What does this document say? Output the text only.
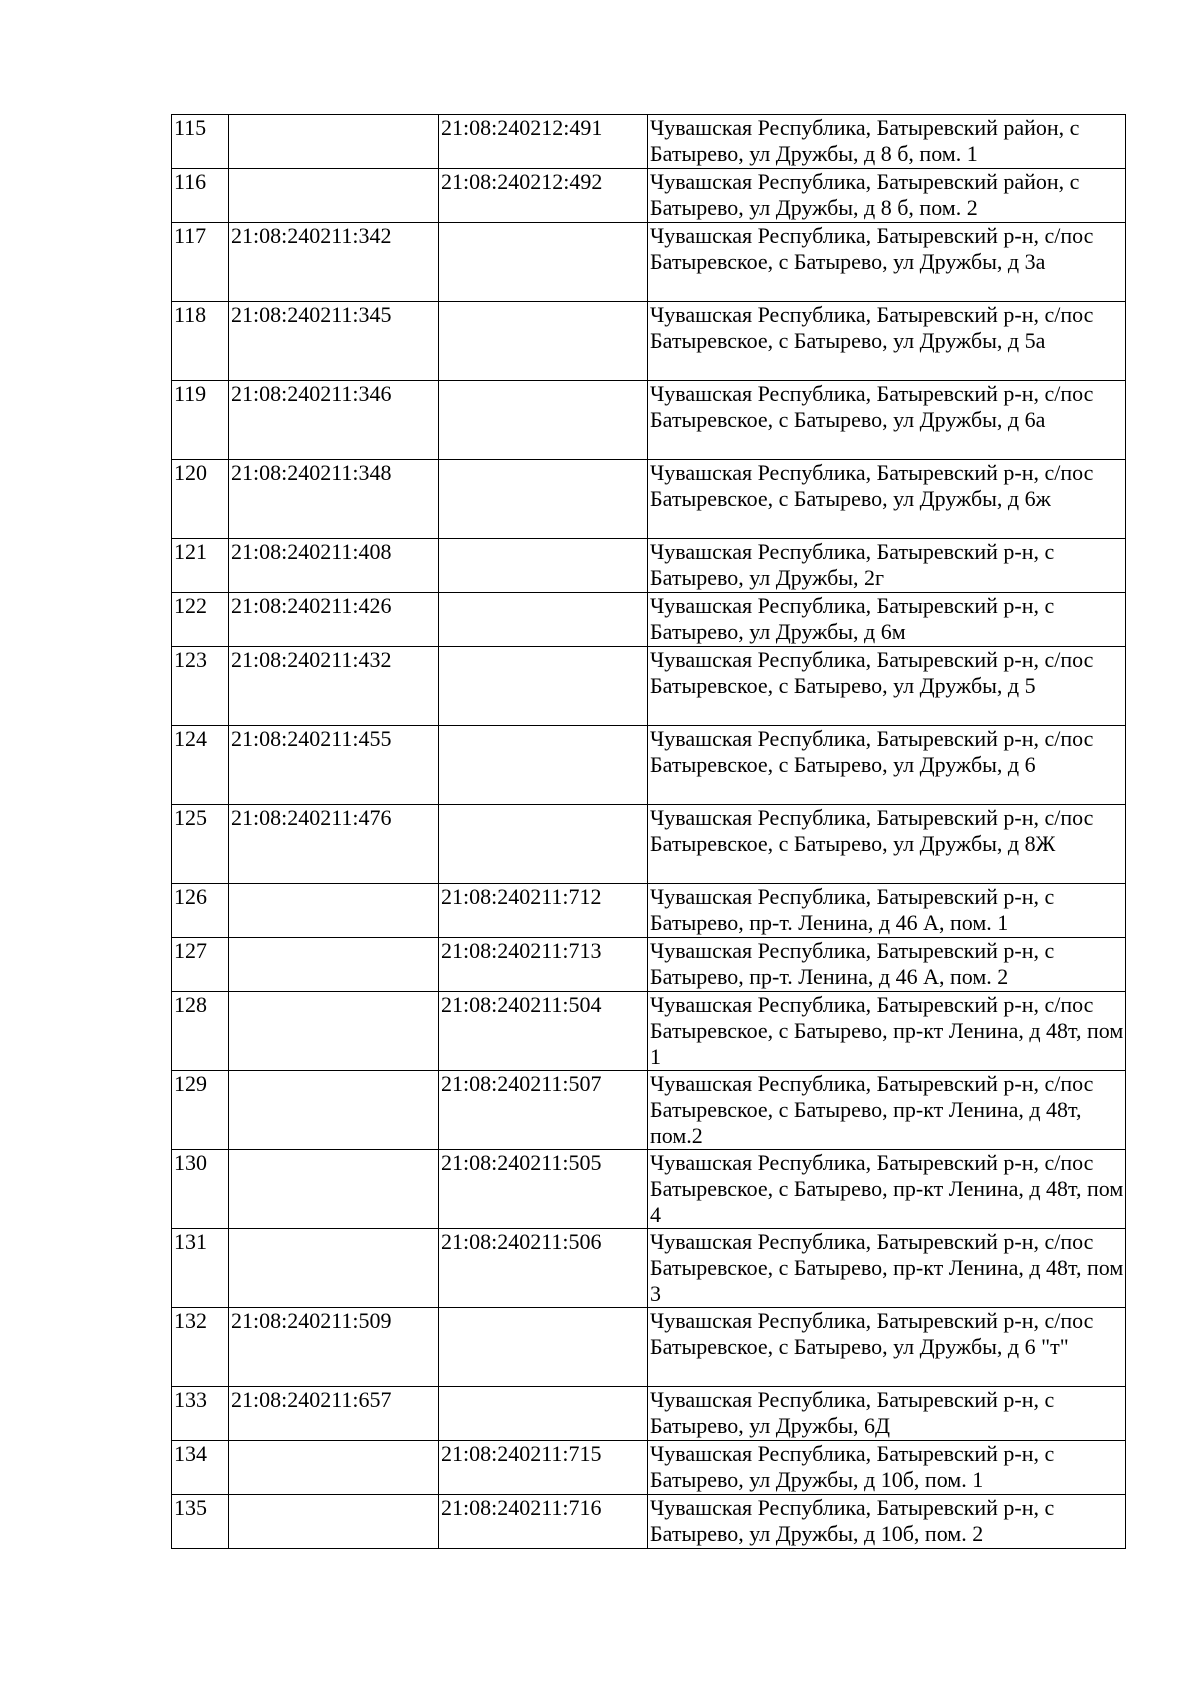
115		21:08:240212:491	Чувашская Республика, Батыревский район, с Батырево, ул Дружбы, д 8 б, пом. 1
116		21:08:240212:492	Чувашская Республика, Батыревский район, с Батырево, ул Дружбы, д 8 б, пом. 2
117	21:08:240211:342		Чувашская Республика, Батыревский р-н, с/пос Батыревское, с Батырево, ул Дружбы, д 3а
118	21:08:240211:345		Чувашская Республика, Батыревский р-н, с/пос Батыревское, с Батырево, ул Дружбы, д 5а
119	21:08:240211:346		Чувашская Республика, Батыревский р-н, с/пос Батыревское, с Батырево, ул Дружбы, д 6а
120	21:08:240211:348		Чувашская Республика, Батыревский р-н, с/пос Батыревское, с Батырево, ул Дружбы, д 6ж
121	21:08:240211:408		Чувашская Республика, Батыревский р-н, с Батырево, ул Дружбы, 2г
122	21:08:240211:426		Чувашская Республика, Батыревский р-н, с Батырево, ул Дружбы, д 6м
123	21:08:240211:432		Чувашская Республика, Батыревский р-н, с/пос Батыревское, с Батырево, ул Дружбы, д 5
124	21:08:240211:455		Чувашская Республика, Батыревский р-н, с/пос Батыревское, с Батырево, ул Дружбы, д 6
125	21:08:240211:476		Чувашская Республика, Батыревский р-н, с/пос Батыревское, с Батырево, ул Дружбы, д 8Ж
126		21:08:240211:712	Чувашская Республика, Батыревский р-н, с Батырево, пр-т. Ленина, д 46 А, пом. 1
127		21:08:240211:713	Чувашская Республика, Батыревский р-н, с Батырево, пр-т. Ленина, д 46 А, пом. 2
128		21:08:240211:504	Чувашская Республика, Батыревский р-н, с/пос Батыревское, с Батырево, пр-кт Ленина, д 48т, пом 1
129		21:08:240211:507	Чувашская Республика, Батыревский р-н, с/пос Батыревское, с Батырево, пр-кт Ленина, д 48т, пом.2
130		21:08:240211:505	Чувашская Республика, Батыревский р-н, с/пос Батыревское, с Батырево, пр-кт Ленина, д 48т, пом 4
131		21:08:240211:506	Чувашская Республика, Батыревский р-н, с/пос Батыревское, с Батырево, пр-кт Ленина, д 48т, пом 3
132	21:08:240211:509		Чувашская Республика, Батыревский р-н, с/пос Батыревское, с Батырево, ул Дружбы, д 6 "т"
133	21:08:240211:657		Чувашская Республика, Батыревский р-н, с Батырево, ул Дружбы, 6Д
134		21:08:240211:715	Чувашская Республика, Батыревский р-н, с Батырево, ул Дружбы, д 10б, пом. 1
135		21:08:240211:716	Чувашская Республика, Батыревский р-н, с Батырево, ул Дружбы, д 10б, пом. 2
